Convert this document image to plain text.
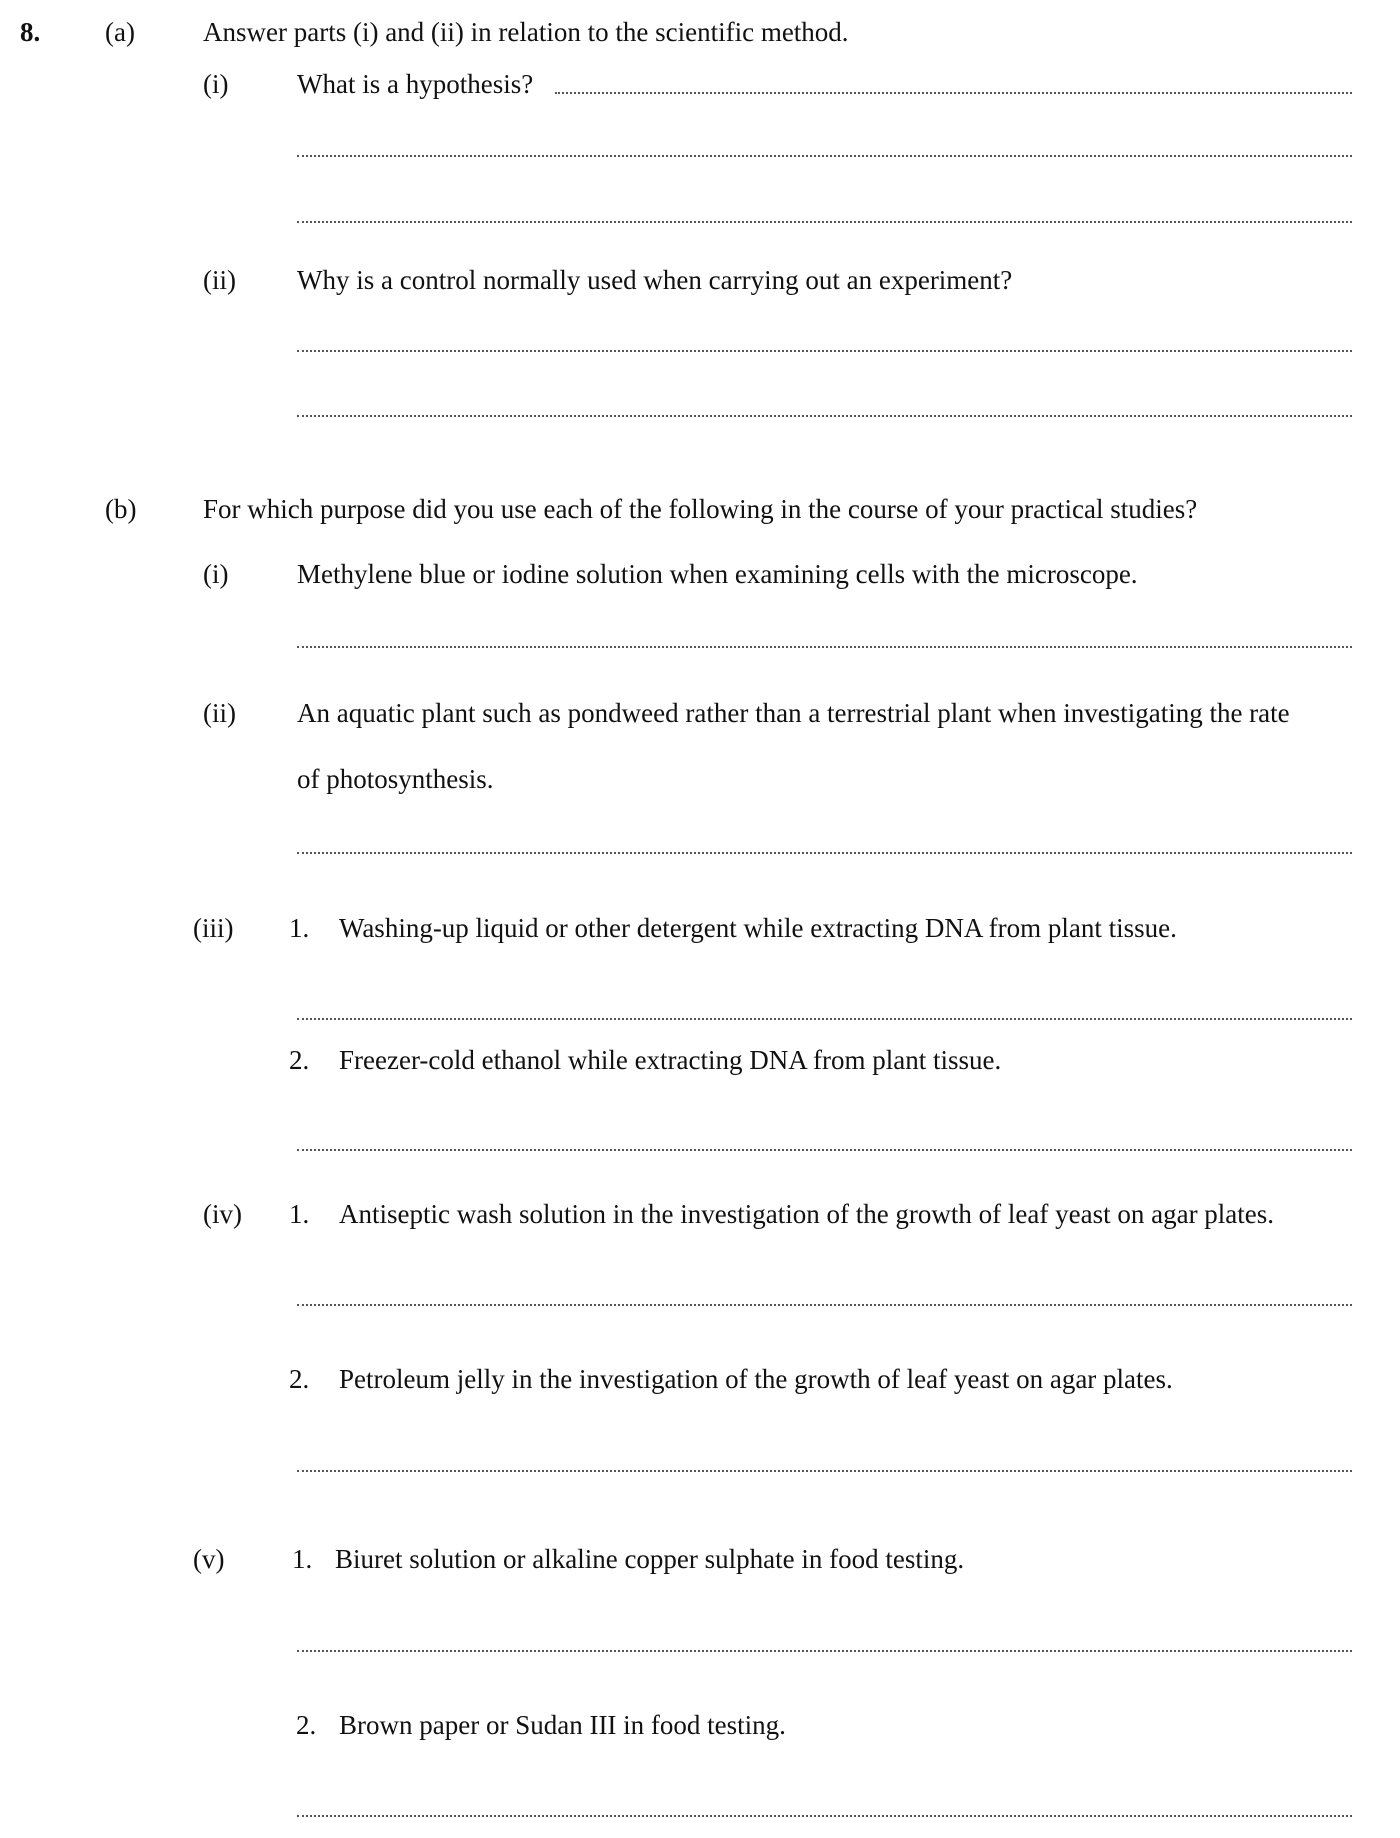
8. (a)	Answer parts (i) and (ii) in relation to the scientific method.
(i)	What is a hypothesis?
(ii) Why is a control normally used when carrying out an experiment?
(b) For which purpose did you use each of the following in the course of your practical studies?
(i)	Methylene blue or iodine solution when examining cells with the microscope.
(ii) An aquatic plant such as pondweed rather than a terrestrial plant when investigating the rate
of photosynthesis.
(iii) 1. Washing-up liquid or other detergent while extracting DNA from plant tissue.
2. Freezer-cold ethanol while extracting DNA from plant tissue.
(iv) 1. Antiseptic wash solution in the investigation of the growth of leaf yeast on agar plates.
2. Petroleum jelly in the investigation of the growth of leaf yeast on agar plates.
(v)	1. Biuret solution or alkaline copper sulphate in food testing.
2. Brown paper or Sudan III in food testing.
